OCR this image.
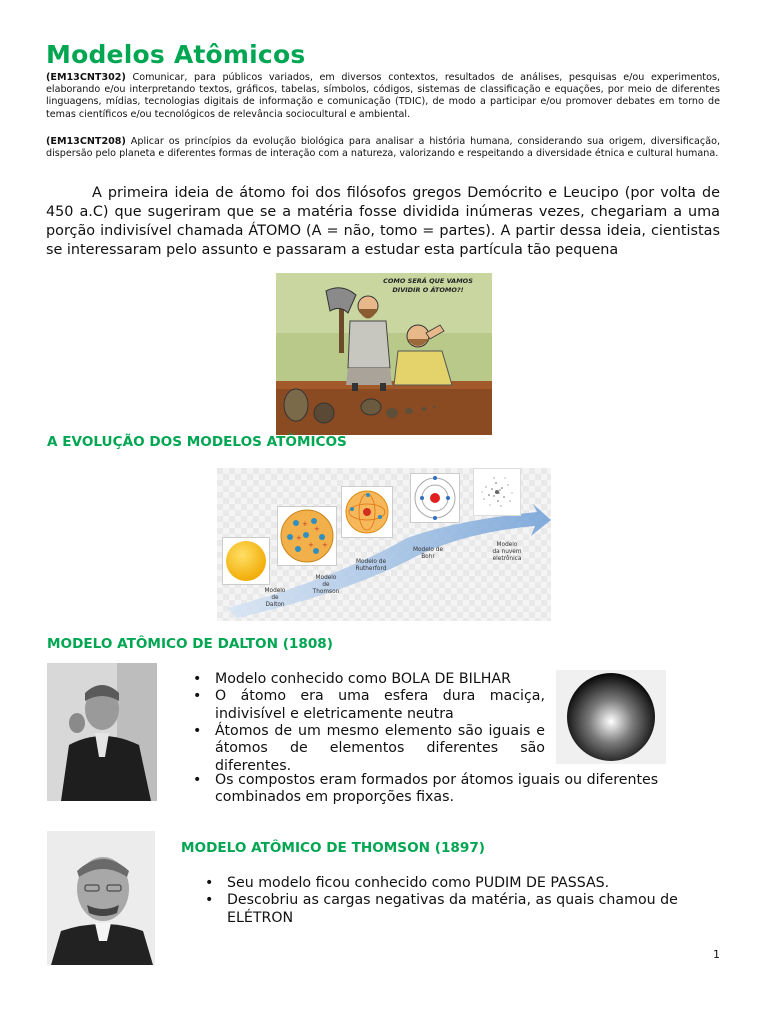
Modelos Atômicos

(EM13CNT302) Comunicar, para públicos variados, em diversos contextos, resultados de análises, pesquisas e/ou experimentos, elaborando e/ou interpretando textos, gráficos, tabelas, símbolos, códigos, sistemas de classificação e equações, por meio de diferentes linguagens, mídias, tecnologias digitais de informação e comunicação (TDIC), de modo a participar e/ou promover debates em torno de temas científicos e/ou tecnológicos de relevância sociocultural e ambiental.

(EM13CNT208) Aplicar os princípios da evolução biológica para analisar a história humana, considerando sua origem, diversificação, dispersão pelo planeta e diferentes formas de interação com a natureza, valorizando e respeitando a diversidade étnica e cultural humana.

A primeira ideia de átomo foi dos filósofos gregos Demócrito e Leucipo (por volta de 450 a.C) que sugeriram que se a matéria fosse dividida inúmeras vezes, chegariam a uma porção indivisível chamada ÁTOMO (A = não, tomo = partes). A partir dessa ideia, cientistas se interessaram pelo assunto e passaram a estudar esta partícula tão pequena

COMO SERÁ QUE VAMOS
DIVIDIR O ÁTOMO?!
A EVOLUÇÃO DOS MODELOS ATÔMICOS
+
+
+
+ +
Modelo
de
Dalton
Modelo
de
Thomson
Modelo de
Rutherford
Modelo de
Bohr
Modelo
da nuvem
eletrônica
MODELO ATÔMICO DE DALTON (1808)
• Modelo conhecido como BOLA DE BILHAR
• O átomo era uma esfera dura maciça, indivisível e eletricamente neutra
• Átomos de um mesmo elemento são iguais e átomos de elementos diferentes são diferentes.
• Os compostos eram formados por átomos iguais ou diferentes combinados em proporções fixas.
MODELO ATÔMICO DE THOMSON (1897)
• Seu modelo ficou conhecido como PUDIM DE PASSAS.
• Descobriu as cargas negativas da matéria, as quais chamou de ELÉTRON
1
